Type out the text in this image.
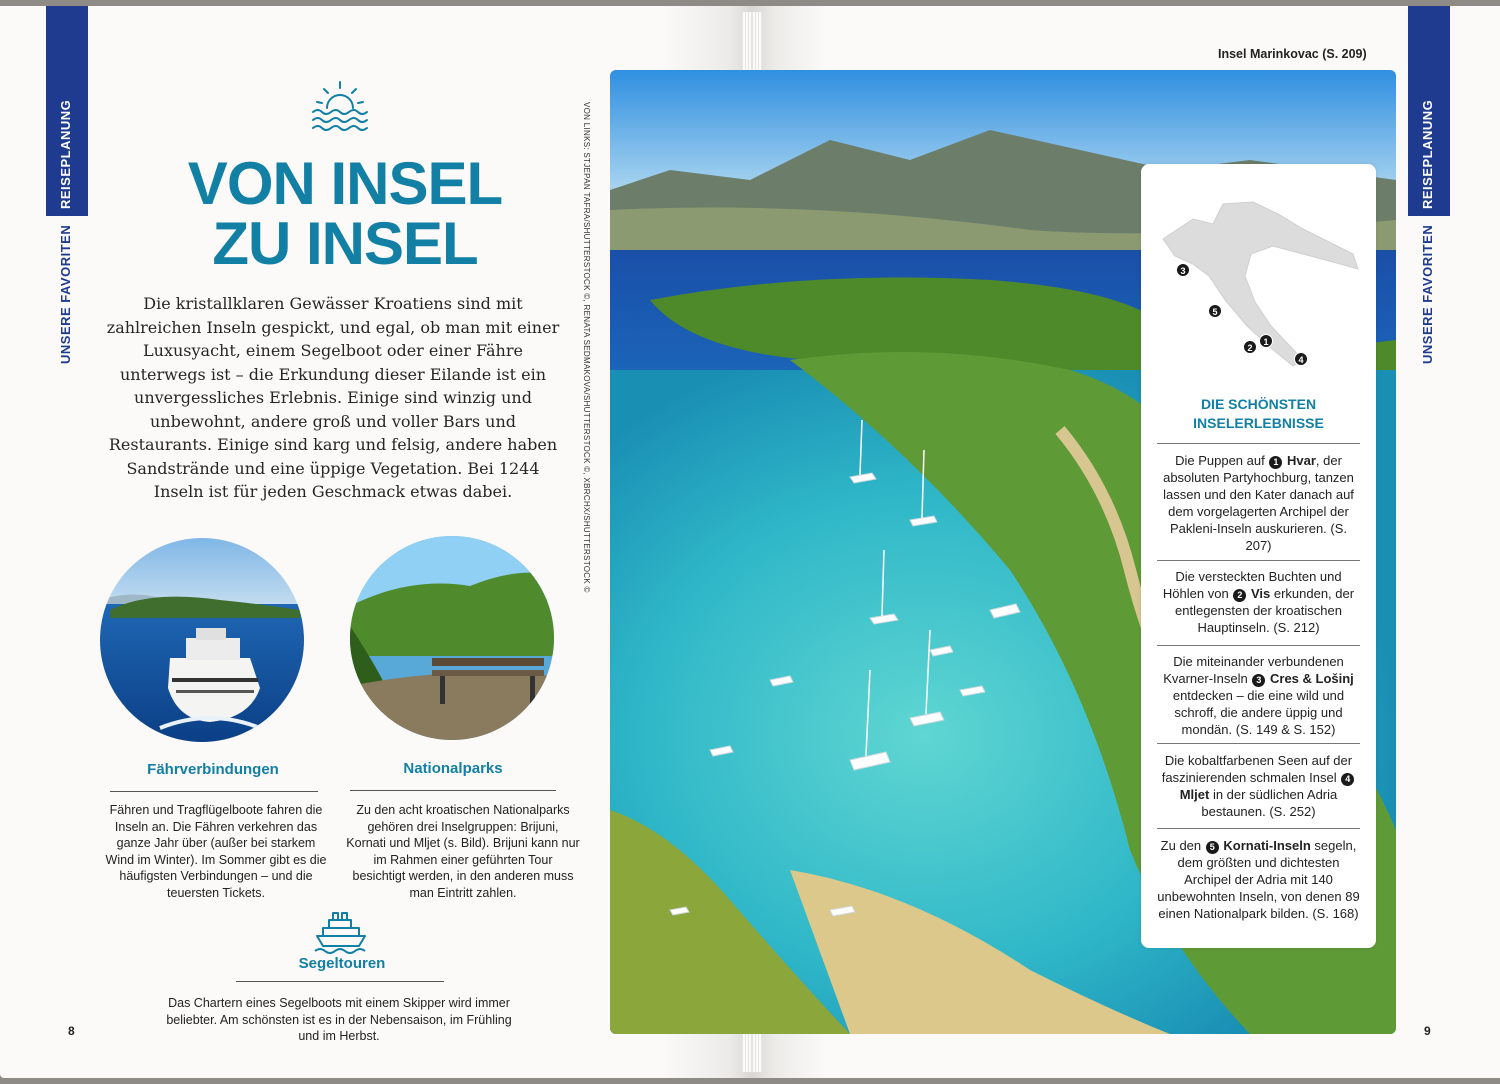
REISEPLANUNG
UNSERE FAVORITEN
VON INSEL
ZU INSEL

Die kristallklaren Gewässer Kroatiens sind mit zahlreichen Inseln gespickt, und egal, ob man mit einer Luxusyacht, einem Segelboot oder einer Fähre unterwegs ist – die Erkundung dieser Eilande ist ein unvergessliches Erlebnis. Einige sind winzig und unbewohnt, andere groß und voller Bars und Restaurants. Einige sind karg und felsig, andere haben Sandstrände und eine üppige Vegetation. Bei 1244 Inseln ist für jeden Geschmack etwas dabei.

Fährverbindungen

Fähren und Tragflügelboote fahren die Inseln an. Die Fähren verkehren das ganze Jahr über (außer bei starkem Wind im Winter). Im Sommer gibt es die häufigsten Verbindungen – und die teuersten Tickets.

Nationalparks

Zu den acht kroatischen Nationalparks gehören drei Inselgruppen: Brijuni, Kornati und Mljet (s. Bild). Brijuni kann nur im Rahmen einer geführten Tour besichtigt werden, in den anderen muss man Eintritt zahlen.

Segeltouren

Das Chartern eines Segelboots mit einem Skipper wird immer beliebter. Am schönsten ist es in der Nebensaison, im Frühling und im Herbst.

8
VON LINKS: STJEPAN TAFRA/SHUTTERSTOCK ©, RENATA SEDMAKOVA/SHUTTERSTOCK ©, XBRCHX/SHUTTERSTOCK ©	REISEPLANUNG
UNSERE FAVORITEN
9
Insel Marinkovac (S. 209)
3
5
2
1
4
DIE SCHÖNSTEN
INSELERLEBNISSE

Die Puppen auf 1 Hvar, der absoluten Partyhochburg, tanzen lassen und den Kater danach auf dem vorgelagerten Archipel der Pakleni-Inseln auskurieren. (S. 207)

Die versteckten Buchten und Höhlen von 2 Vis erkunden, der entlegensten der kroatischen Hauptinseln. (S. 212)

Die miteinander verbundenen Kvarner-Inseln 3 Cres & Lošinj entdecken – die eine wild und schroff, die andere üppig und mondän. (S. 149 & S. 152)

Die kobaltfarbenen Seen auf der faszinierenden schmalen Insel 4 Mljet in der südlichen Adria bestaunen. (S. 252)

Zu den 5 Kornati-Inseln segeln, dem größten und dichtesten Archipel der Adria mit 140 unbewohnten Inseln, von denen 89 einen Nationalpark bilden. (S. 168)
